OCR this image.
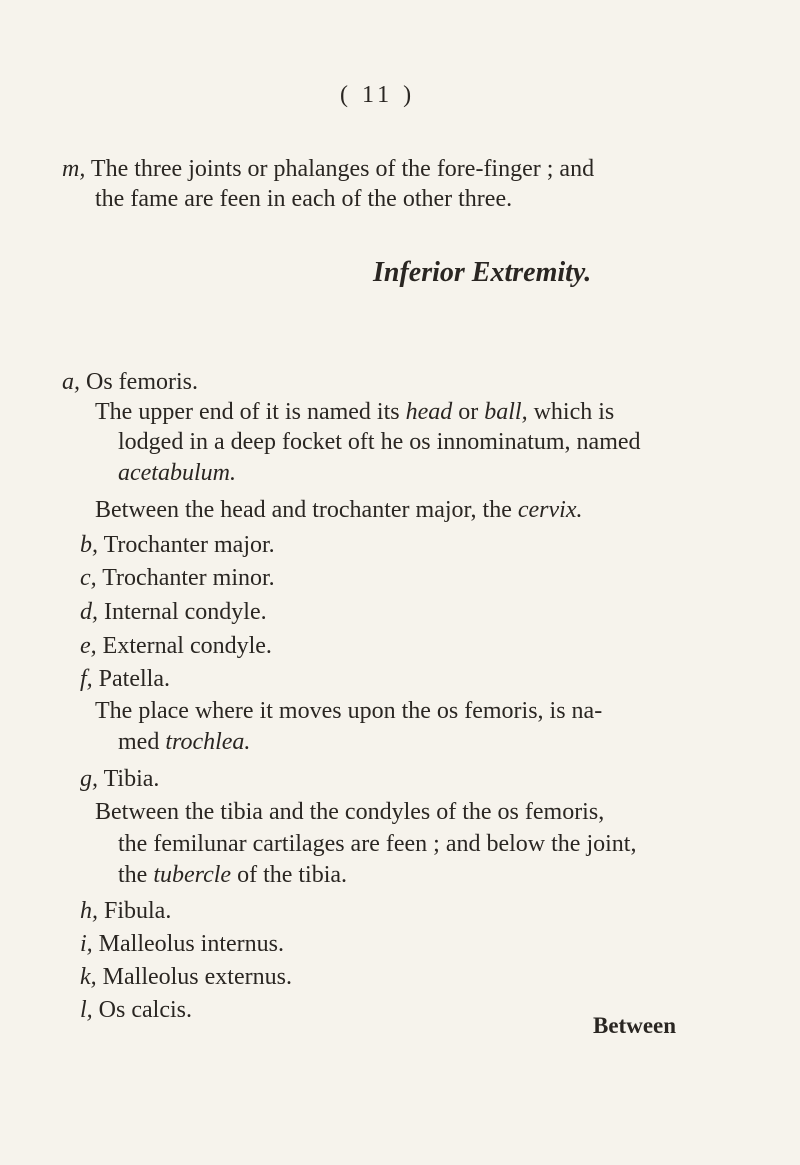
( 11 )
m, The three joints or phalanges of the fore-finger ; and
the fame are feen in each of the other three.
Inferior Extremity.
a, Os femoris.
The upper end of it is named its head or ball, which is
lodged in a deep focket oft he os innominatum, named
acetabulum.
Between the head and trochanter major, the cervix.
b, Trochanter major.
c, Trochanter minor.
d, Internal condyle.
e, External condyle.
f, Patella.
The place where it moves upon the os femoris, is na-
med trochlea.
g, Tibia.
Between the tibia and the condyles of the os femoris,
the femilunar cartilages are feen ; and below the joint,
the tubercle of the tibia.
h, Fibula.
i, Malleolus internus.
k, Malleolus externus.
l, Os calcis.
Between
